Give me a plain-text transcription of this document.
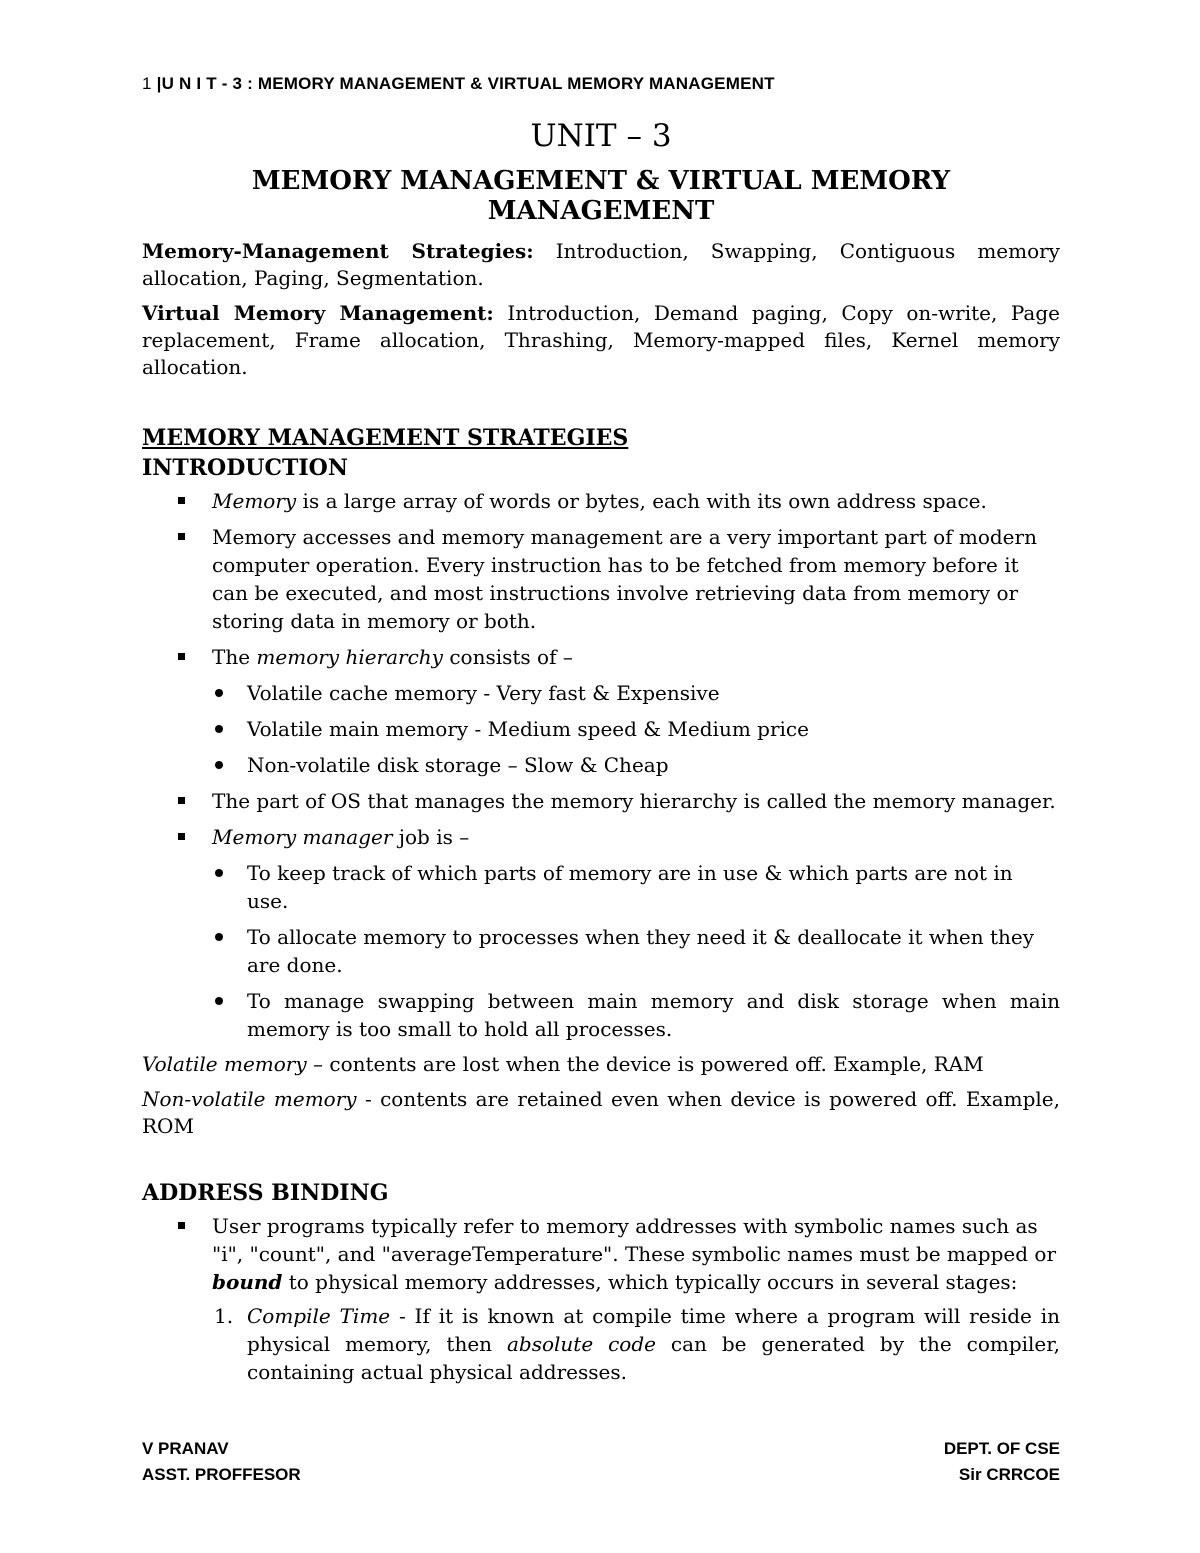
1 |U N I T - 3 : MEMORY MANAGEMENT & VIRTUAL MEMORY MANAGEMENT
UNIT – 3
MEMORY MANAGEMENT & VIRTUAL MEMORY MANAGEMENT

Memory-Management Strategies: Introduction, Swapping, Contiguous memory allocation, Paging, Segmentation.

Virtual Memory Management: Introduction, Demand paging, Copy on-write, Page replacement, Frame allocation, Thrashing, Memory-mapped files, Kernel memory allocation.

MEMORY MANAGEMENT STRATEGIES
INTRODUCTION
Memory is a large array of words or bytes, each with its own address space.
Memory accesses and memory management are a very important part of modern computer operation. Every instruction has to be fetched from memory before it can be executed, and most instructions involve retrieving data from memory or storing data in memory or both.
The memory hierarchy consists of –
Volatile cache memory - Very fast & Expensive
Volatile main memory - Medium speed & Medium price
Non-volatile disk storage – Slow & Cheap
The part of OS that manages the memory hierarchy is called the memory manager.
Memory manager job is –
To keep track of which parts of memory are in use & which parts are not in use.
To allocate memory to processes when they need it & deallocate it when they are done.
To manage swapping between main memory and disk storage when main memory is too small to hold all processes.

Volatile memory – contents are lost when the device is powered off. Example, RAM

Non-volatile memory - contents are retained even when device is powered off. Example, ROM

ADDRESS BINDING
User programs typically refer to memory addresses with symbolic names such as "i", "count", and "averageTemperature". These symbolic names must be mapped or bound to physical memory addresses, which typically occurs in several stages:
1. Compile Time - If it is known at compile time where a program will reside in physical memory, then absolute code can be generated by the compiler, containing actual physical addresses.
V PRANAV
ASST. PROFFESOR
DEPT. OF CSE
Sir CRRCOE
